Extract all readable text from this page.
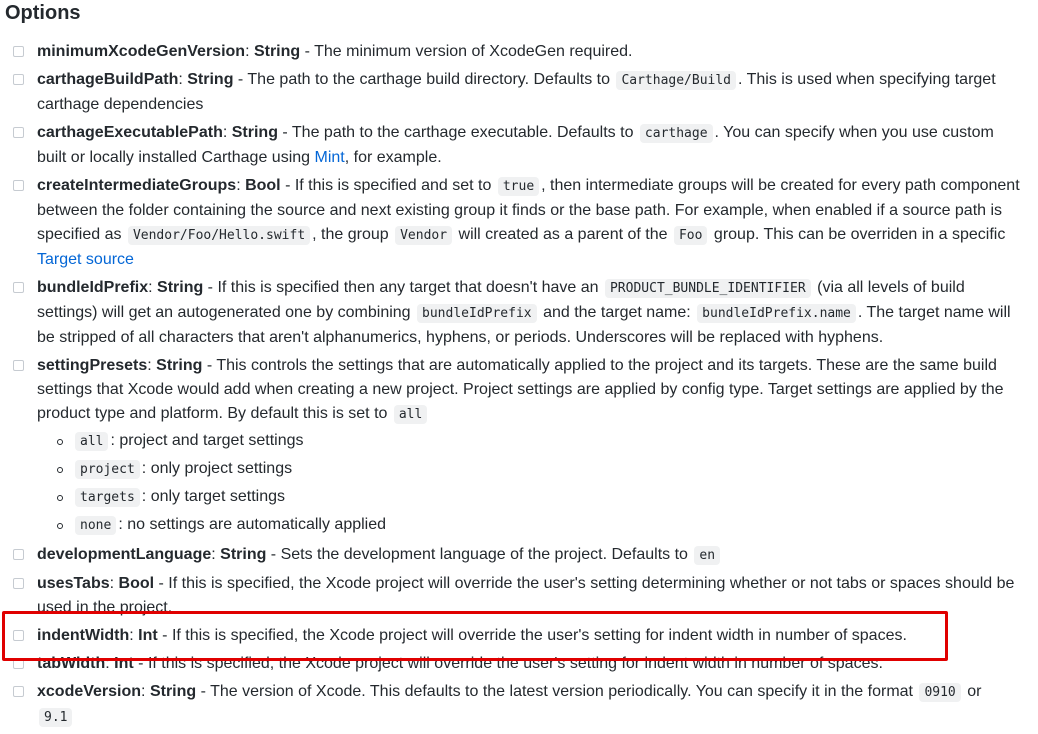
Options
minimumXcodeGenVersion: String - The minimum version of XcodeGen required.
carthageBuildPath: String - The path to the carthage build directory. Defaults to Carthage/Build . This is used when specifying target carthage dependencies
carthageExecutablePath: String - The path to the carthage executable. Defaults to carthage . You can specify when you use custom built or locally installed Carthage using Mint, for example.
createIntermediateGroups: Bool - If this is specified and set to true , then intermediate groups will be created for every path component between the folder containing the source and next existing group it finds or the base path. For example, when enabled if a source path is specified as Vendor/Foo/Hello.swift , the group Vendor will created as a parent of the Foo group. This can be overriden in a specific Target source
bundleIdPrefix: String - If this is specified then any target that doesn't have an PRODUCT_BUNDLE_IDENTIFIER (via all levels of build settings) will get an autogenerated one by combining bundleIdPrefix and the target name: bundleIdPrefix.name . The target name will be stripped of all characters that aren't alphanumerics, hyphens, or periods. Underscores will be replaced with hyphens.
settingPresets: String - This controls the settings that are automatically applied to the project and its targets. These are the same build settings that Xcode would add when creating a new project. Project settings are applied by config type. Target settings are applied by the product type and platform. By default this is set to all
all : project and target settings
project : only project settings
targets : only target settings
none : no settings are automatically applied
developmentLanguage: String - Sets the development language of the project. Defaults to en
usesTabs: Bool - If this is specified, the Xcode project will override the user's setting determining whether or not tabs or spaces should be used in the project.
indentWidth: Int - If this is specified, the Xcode project will override the user's setting for indent width in number of spaces.
tabWidth: Int - If this is specified, the Xcode project will override the user's setting for indent width in number of spaces.
xcodeVersion: String - The version of Xcode. This defaults to the latest version periodically. You can specify it in the format 0910 or 9.1
